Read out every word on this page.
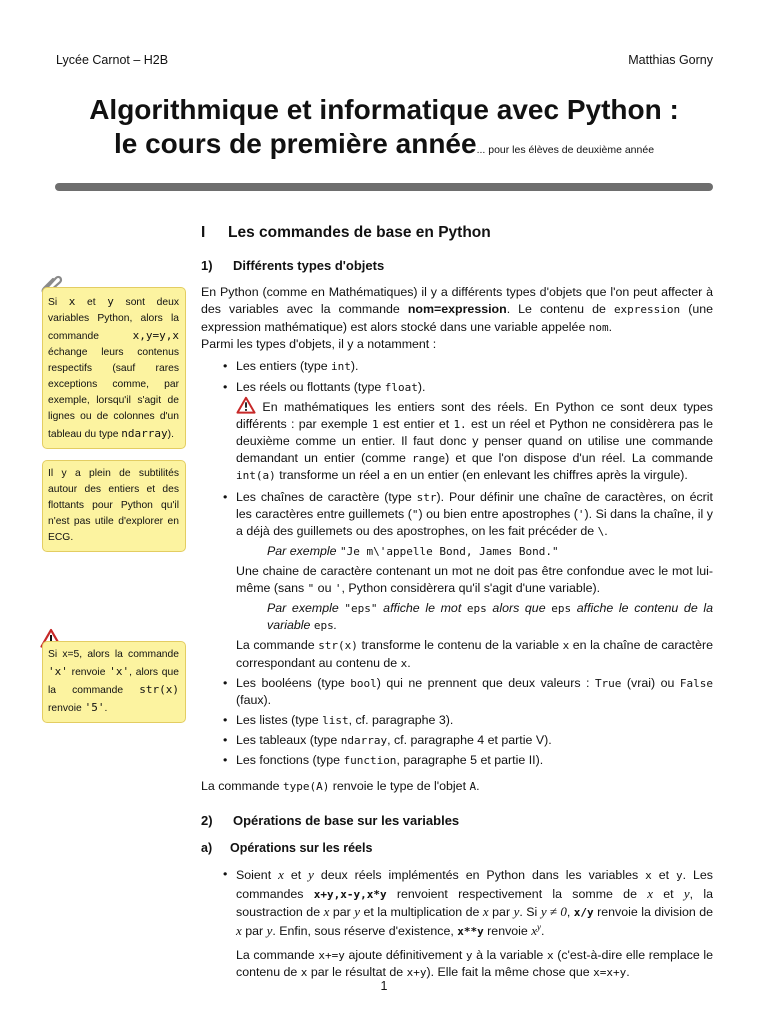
Lycée Carnot – H2B	Matthias Gorny
Algorithmique et informatique avec Python :
le cours de première année... pour les élèves de deuxième année
Si x et y sont deux variables Python, alors la commande x,y=y,x échange leurs contenus respectifs (sauf rares exceptions comme, par exemple, lorsqu'il s'agit de lignes ou de colonnes d'un tableau du type ndarray).
Il y a plein de subtilités autour des entiers et des flottants pour Python qu'il n'est pas utile d'explorer en ECG.
Si x=5, alors la commande 'x' renvoie 'x', alors que la commande str(x) renvoie '5'.
I Les commandes de base en Python
1) Différents types d'objets

En Python (comme en Mathématiques) il y a différents types d'objets que l'on peut affecter à des variables avec la commande nom=expression. Le contenu de expression (une expression mathématique) est alors stocké dans une variable appelée nom.

Parmi les types d'objets, il y a notamment :

• Les entiers (type int).
• Les réels ou flottants (type float).
En mathématiques les entiers sont des réels. En Python ce sont deux types différents : par exemple 1 est entier et 1. est un réel et Python ne considèrera pas le deuxième comme un entier. Il faut donc y penser quand on utilise une commande demandant un entier (comme range) et que l'on dispose d'un réel. La commande int(a) transforme un réel a en un entier (en enlevant les chiffres après la virgule).
• Les chaînes de caractère (type str). Pour définir une chaîne de caractères, on écrit les caractères entre guillemets (") ou bien entre apostrophes ('). Si dans la chaîne, il y a déjà des guillemets ou des apostrophes, on les fait précéder de \.
Par exemple "Je m\'appelle Bond, James Bond."
Une chaine de caractère contenant un mot ne doit pas être confondue avec le mot lui-même (sans " ou ', Python considèrera qu'il s'agit d'une variable).
Par exemple "eps" affiche le mot eps alors que eps affiche le contenu de la variable eps.
La commande str(x) transforme le contenu de la variable x en la chaîne de caractère correspondant au contenu de x.
• Les booléens (type bool) qui ne prennent que deux valeurs : True (vrai) ou False (faux).
• Les listes (type list, cf. paragraphe 3).
• Les tableaux (type ndarray, cf. paragraphe 4 et partie V).
• Les fonctions (type function, paragraphe 5 et partie II).

La commande type(A) renvoie le type de l'objet A.

2) Opérations de base sur les variables
a) Opérations sur les réels
• Soient x et y deux réels implémentés en Python dans les variables x et y. Les commandes x+y,x-y,x*y renvoient respectivement la somme de x et y, la soustraction de x par y et la multiplication de x par y. Si y ≠ 0, x/y renvoie la division de x par y. Enfin, sous réserve d'existence, x**y renvoie $x^y$.
La commande x+=y ajoute définitivement y à la variable x (c'est-à-dire elle remplace le contenu de x par le résultat de x+y). Elle fait la même chose que x=x+y.
1
